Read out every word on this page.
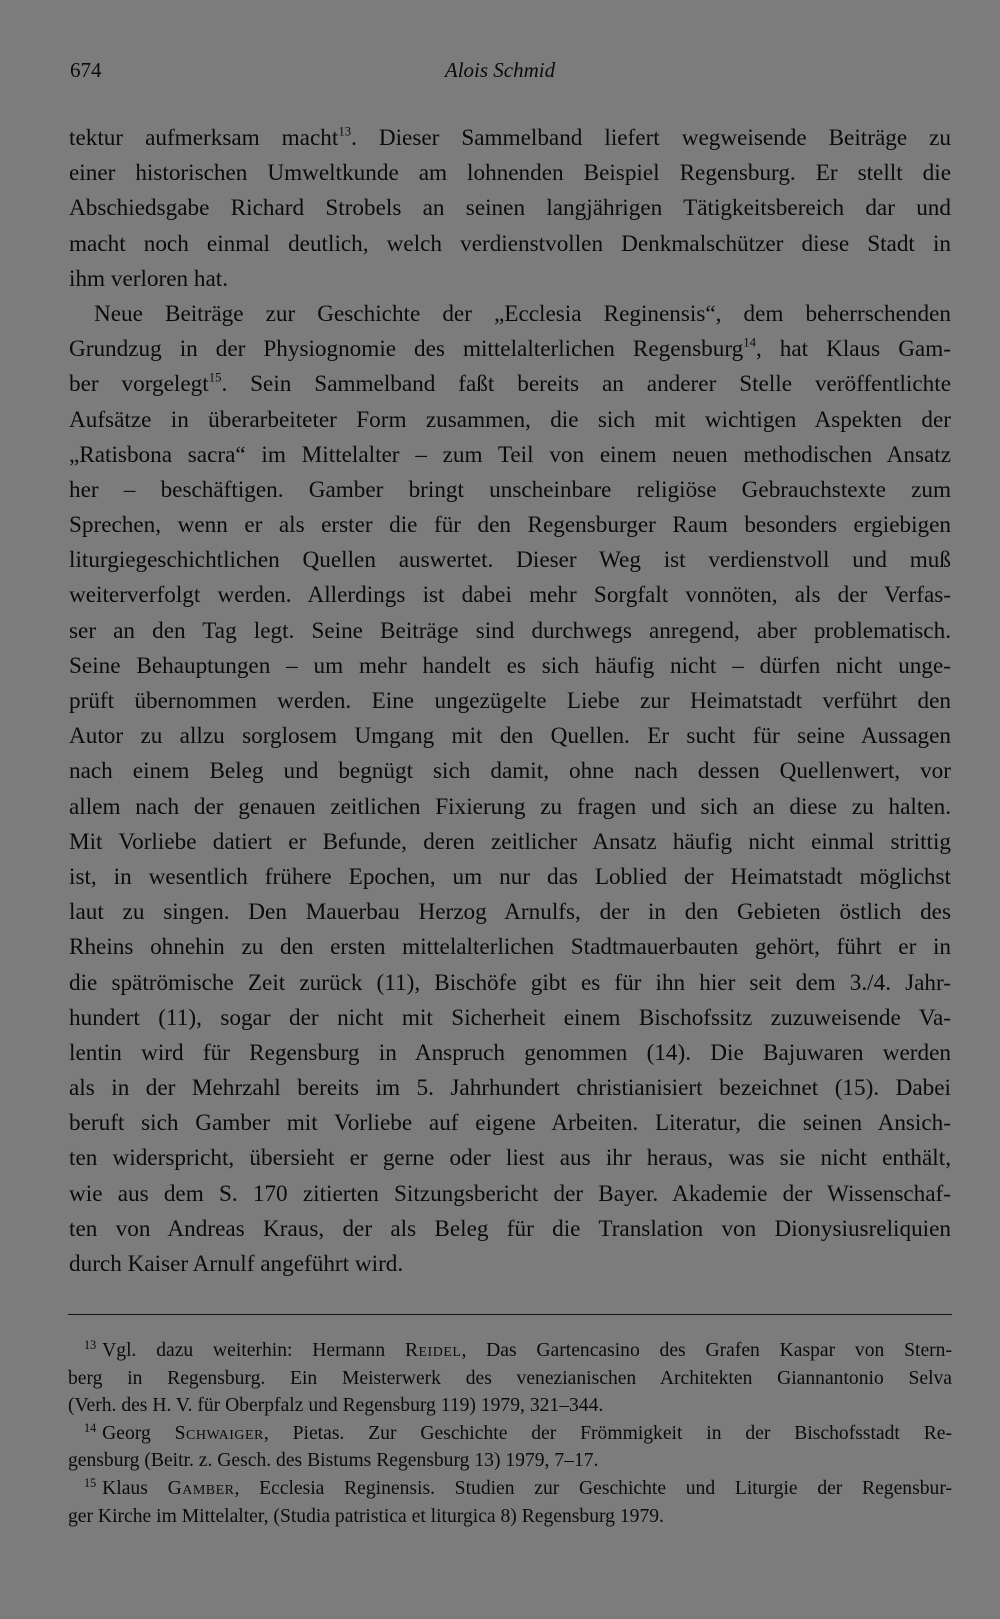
674	Alois Schmid
tektur aufmerksam macht$^{13}$. Dieser Sammelband liefert wegweisende Beiträge zu
einer historischen Umweltkunde am lohnenden Beispiel Regensburg. Er stellt die
Abschiedsgabe Richard Strobels an seinen langjährigen Tätigkeitsbereich dar und
macht noch einmal deutlich, welch verdienstvollen Denkmalschützer diese Stadt in
ihm verloren hat.
Neue Beiträge zur Geschichte der „Ecclesia Reginensis“, dem beherrschenden
Grundzug in der Physiognomie des mittelalterlichen Regensburg$^{14}$, hat Klaus Gam-
ber vorgelegt$^{15}$. Sein Sammelband faßt bereits an anderer Stelle veröffentlichte
Aufsätze in überarbeiteter Form zusammen, die sich mit wichtigen Aspekten der
„Ratisbona sacra“ im Mittelalter – zum Teil von einem neuen methodischen Ansatz
her – beschäftigen. Gamber bringt unscheinbare religiöse Gebrauchstexte zum
Sprechen, wenn er als erster die für den Regensburger Raum besonders ergiebigen
liturgiegeschichtlichen Quellen auswertet. Dieser Weg ist verdienstvoll und muß
weiterverfolgt werden. Allerdings ist dabei mehr Sorgfalt vonnöten, als der Verfas-
ser an den Tag legt. Seine Beiträge sind durchwegs anregend, aber problematisch.
Seine Behauptungen – um mehr handelt es sich häufig nicht – dürfen nicht unge-
prüft übernommen werden. Eine ungezügelte Liebe zur Heimatstadt verführt den
Autor zu allzu sorglosem Umgang mit den Quellen. Er sucht für seine Aussagen
nach einem Beleg und begnügt sich damit, ohne nach dessen Quellenwert, vor
allem nach der genauen zeitlichen Fixierung zu fragen und sich an diese zu halten.
Mit Vorliebe datiert er Befunde, deren zeitlicher Ansatz häufig nicht einmal strittig
ist, in wesentlich frühere Epochen, um nur das Loblied der Heimatstadt möglichst
laut zu singen. Den Mauerbau Herzog Arnulfs, der in den Gebieten östlich des
Rheins ohnehin zu den ersten mittelalterlichen Stadtmauerbauten gehört, führt er in
die spätrömische Zeit zurück (11), Bischöfe gibt es für ihn hier seit dem 3./4. Jahr-
hundert (11), sogar der nicht mit Sicherheit einem Bischofssitz zuzuweisende Va-
lentin wird für Regensburg in Anspruch genommen (14). Die Bajuwaren werden
als in der Mehrzahl bereits im 5. Jahrhundert christianisiert bezeichnet (15). Dabei
beruft sich Gamber mit Vorliebe auf eigene Arbeiten. Literatur, die seinen Ansich-
ten widerspricht, übersieht er gerne oder liest aus ihr heraus, was sie nicht enthält,
wie aus dem S. 170 zitierten Sitzungsbericht der Bayer. Akademie der Wissenschaf-
ten von Andreas Kraus, der als Beleg für die Translation von Dionysiusreliquien
durch Kaiser Arnulf angeführt wird.
$^{13}$ Vgl. dazu weiterhin: Hermann Reidel, Das Gartencasino des Grafen Kaspar von Stern-
berg in Regensburg. Ein Meisterwerk des venezianischen Architekten Giannantonio Selva
(Verh. des H. V. für Oberpfalz und Regensburg 119) 1979, 321–344.
$^{14}$ Georg Schwaiger, Pietas. Zur Geschichte der Frömmigkeit in der Bischofsstadt Re-
gensburg (Beitr. z. Gesch. des Bistums Regensburg 13) 1979, 7–17.
$^{15}$ Klaus Gamber, Ecclesia Reginensis. Studien zur Geschichte und Liturgie der Regensbur-
ger Kirche im Mittelalter, (Studia patristica et liturgica 8) Regensburg 1979.
